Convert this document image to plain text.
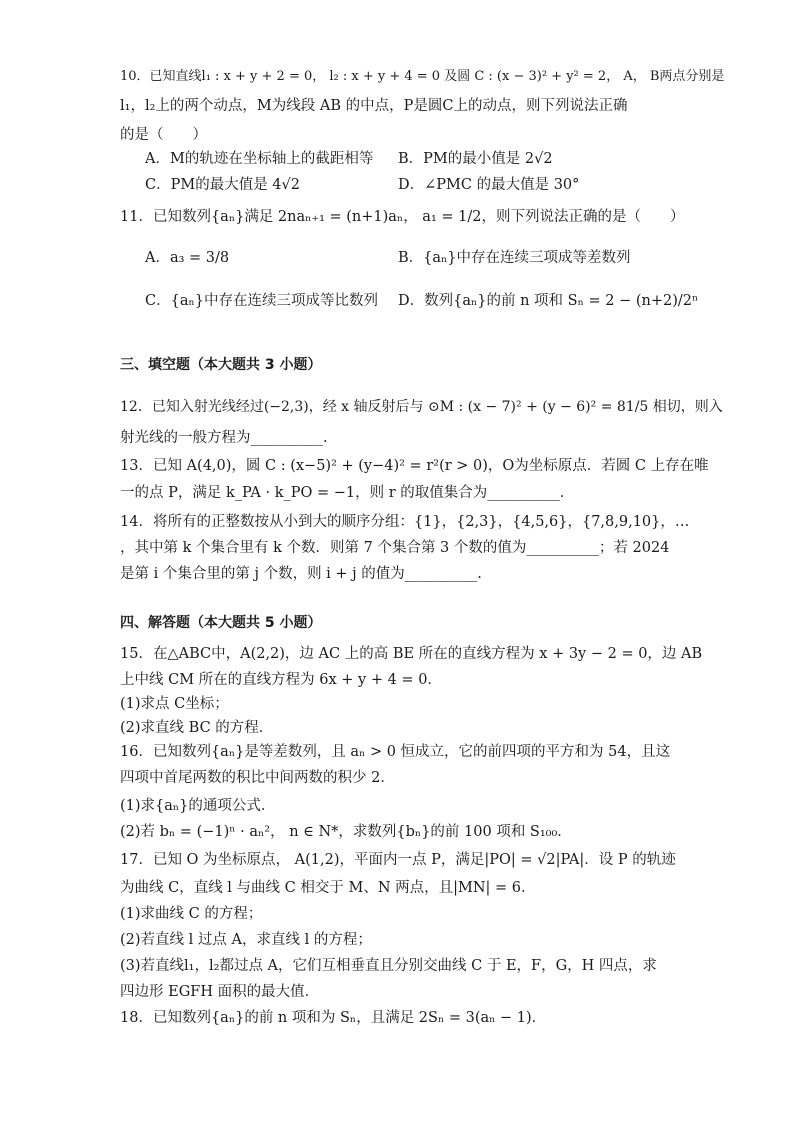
10．已知直线l₁ : x + y + 2 = 0， l₂ : x + y + 4 = 0 及圆 C : (x − 3)² + y² = 2， A， B两点分别是
l₁，l₂上的两个动点，M为线段 AB 的中点，P是圆C上的动点，则下列说法正确
的是（　　）
A．M的轨迹在坐标轴上的截距相等 B．PM的最小值是 2√2
C．PM的最大值是 4√2	D．∠PMC 的最大值是 30°
11．已知数列{aₙ}满足 2naₙ₊₁ = (n+1)aₙ， a₁ = 1/2，则下列说法正确的是（　　）
A．a₃ = 3/8	B．{aₙ}中存在连续三项成等差数列
C．{aₙ}中存在连续三项成等比数列 D．数列{aₙ}的前 n 项和 Sₙ = 2 − (n+2)/2ⁿ
三、填空题（本大题共 3 小题）
12．已知入射光线经过(−2,3)，经 x 轴反射后与 ⊙M : (x − 7)² + (y − 6)² = 81/5 相切，则入
射光线的一般方程为__________.
13．已知 A(4,0)，圆 C : (x−5)² + (y−4)² = r²(r > 0)，O为坐标原点．若圆 C 上存在唯
一的点 P，满足 k_PA · k_PO = −1，则 r 的取值集合为__________．
14．将所有的正整数按从小到大的顺序分组：{1}，{2,3}，{4,5,6}，{7,8,9,10}，…
，其中第 k 个集合里有 k 个数．则第 7 个集合第 3 个数的值为__________；若 2024
是第 i 个集合里的第 j 个数，则 i + j 的值为__________.
四、解答题（本大题共 5 小题）
15．在△ABC中，A(2,2)，边 AC 上的高 BE 所在的直线方程为 x + 3y − 2 = 0，边 AB
上中线 CM 所在的直线方程为 6x + y + 4 = 0．
(1)求点 C坐标；
(2)求直线 BC 的方程．
16．已知数列{aₙ}是等差数列，且 aₙ > 0 恒成立，它的前四项的平方和为 54，且这
四项中首尾两数的积比中间两数的积少 2．
(1)求{aₙ}的通项公式．
(2)若 bₙ = (−1)ⁿ · aₙ²， n ∈ N*，求数列{bₙ}的前 100 项和 S₁₀₀．
17．已知 O 为坐标原点， A(1,2)，平面内一点 P，满足|PO| = √2|PA|．设 P 的轨迹
为曲线 C，直线 l 与曲线 C 相交于 M、N 两点，且|MN| = 6．
(1)求曲线 C 的方程；
(2)若直线 l 过点 A，求直线 l 的方程；
(3)若直线l₁，l₂都过点 A，它们互相垂直且分别交曲线 C 于 E，F，G，H 四点，求
四边形 EGFH 面积的最大值．
18．已知数列{aₙ}的前 n 项和为 Sₙ，且满足 2Sₙ = 3(aₙ − 1)．
